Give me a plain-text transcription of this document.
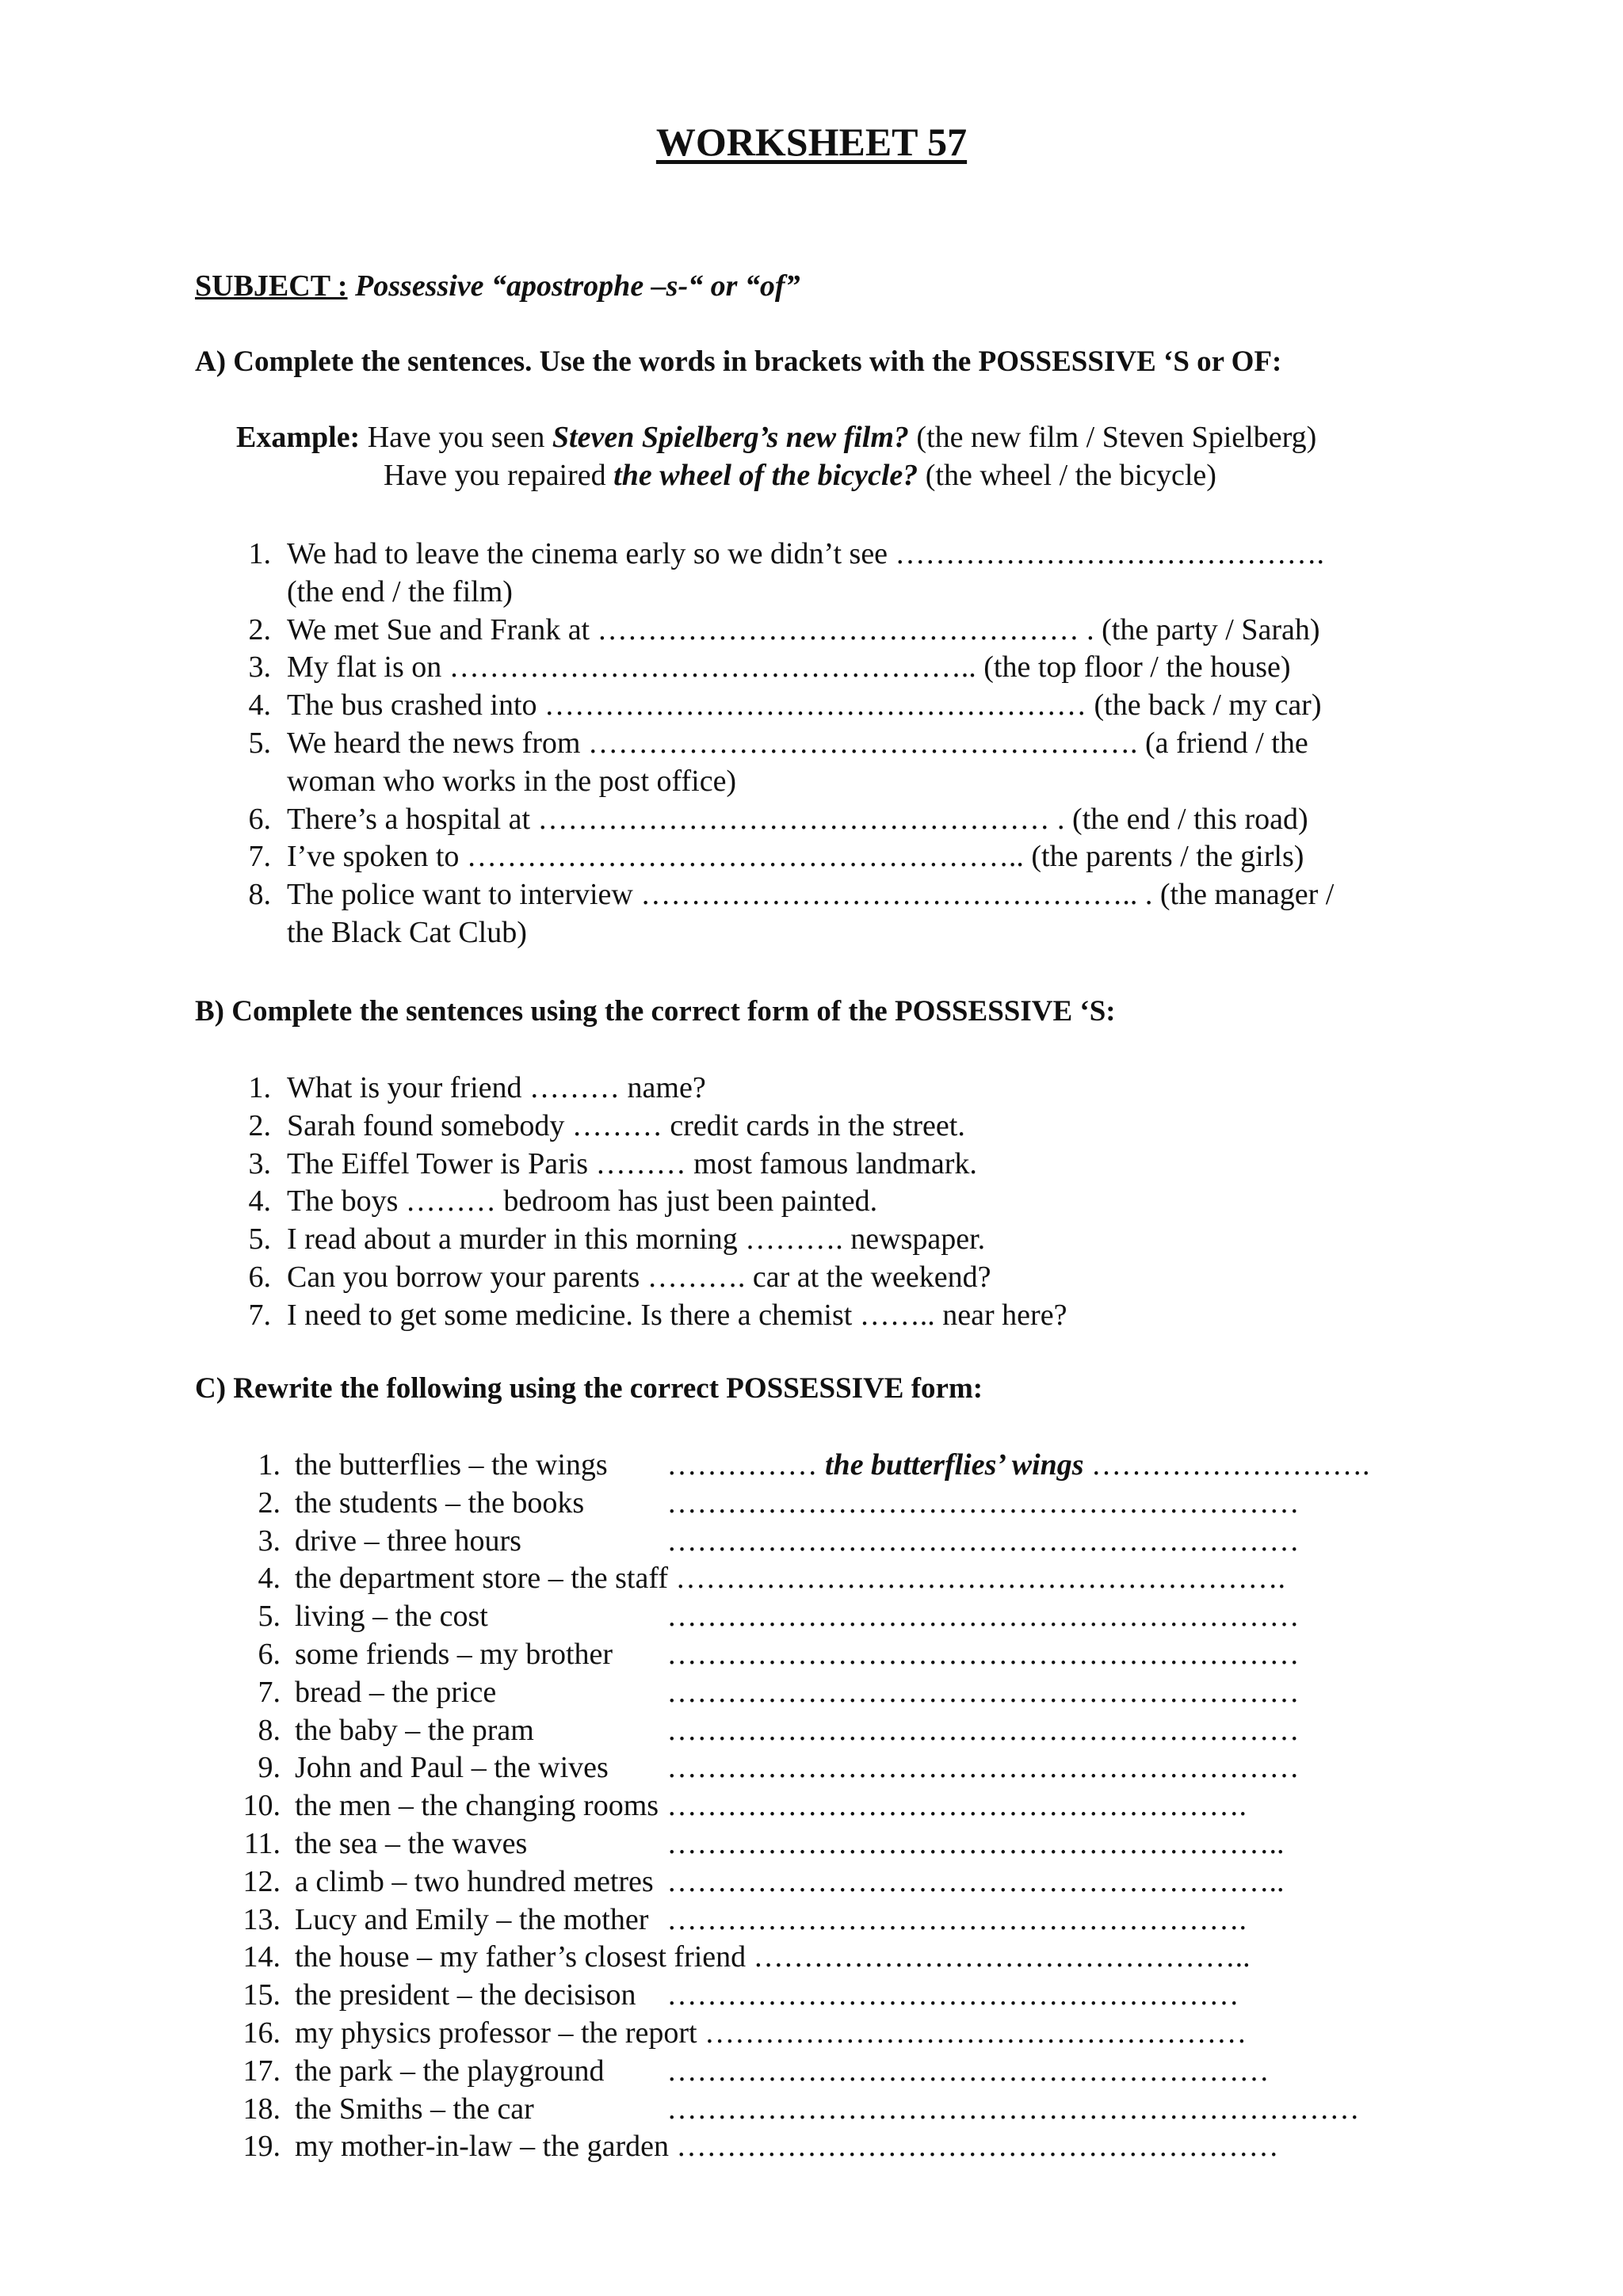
WORKSHEET 57

SUBJECT : Possessive “apostrophe –s-“ or “of”

A) Complete the sentences. Use the words in brackets with the POSSESSIVE ‘S or OF:

Example: Have you seen Steven Spielberg’s new film? (the new film / Steven Spielberg)
Have you repaired the wheel of the bicycle? (the wheel / the bicycle)
1. We had to leave the cinema early so we didn’t see …………………………………….
(the end / the film)
2. We met Sue and Frank at ………………………………………… . (the party / Sarah)
3. My flat is on …………………………………………….. (the top floor / the house)
4. The bus crashed into ……………………………………………… (the back / my car)
5. We heard the news from ………………………………………………. (a friend / the
woman who works in the post office)
6. There’s a hospital at …………………………………………… . (the end / this road)
7. I’ve spoken to ……………………………………………….. (the parents / the girls)
8. The police want to interview ………………………………………….. . (the manager /
the Black Cat Club)

B) Complete the sentences using the correct form of the POSSESSIVE ‘S:

1. What is your friend ……… name?
2. Sarah found somebody ……… credit cards in the street.
3. The Eiffel Tower is Paris ……… most famous landmark.
4. The boys ……… bedroom has just been painted.
5. I read about a murder in this morning ………. newspaper.
6. Can you borrow your parents ………. car at the weekend?
7. I need to get some medicine. Is there a chemist …….. near here?

C) Rewrite the following using the correct POSSESSIVE form:

1. the butterflies – the wings …………… the butterflies’ wings ……………………….
2. the students – the books	………………………………………………………
3. drive – three hours	………………………………………………………
4. the department store – the staff …………………………………………………….
5. living – the cost	………………………………………………………
6. some friends – my brother ………………………………………………………
7. bread – the price	………………………………………………………
8. the baby – the pram	………………………………………………………
9. John and Paul – the wives ………………………………………………………
10. the men – the changing rooms ………………………………………………….
11. the sea – the waves	……………………………………………………..
12. a climb – two hundred metres ……………………………………………………..
13. Lucy and Emily – the mother ………………………………………………….
14. the house – my father’s closest friend …………………………………………..
15. the president – the decisison …………………………………………………
16. my physics professor – the report ………………………………………………
17. the park – the playground ……………………………………………………
18. the Smiths – the car	……………………………………………………………
19. my mother-in-law – the garden ……………………………………………………
